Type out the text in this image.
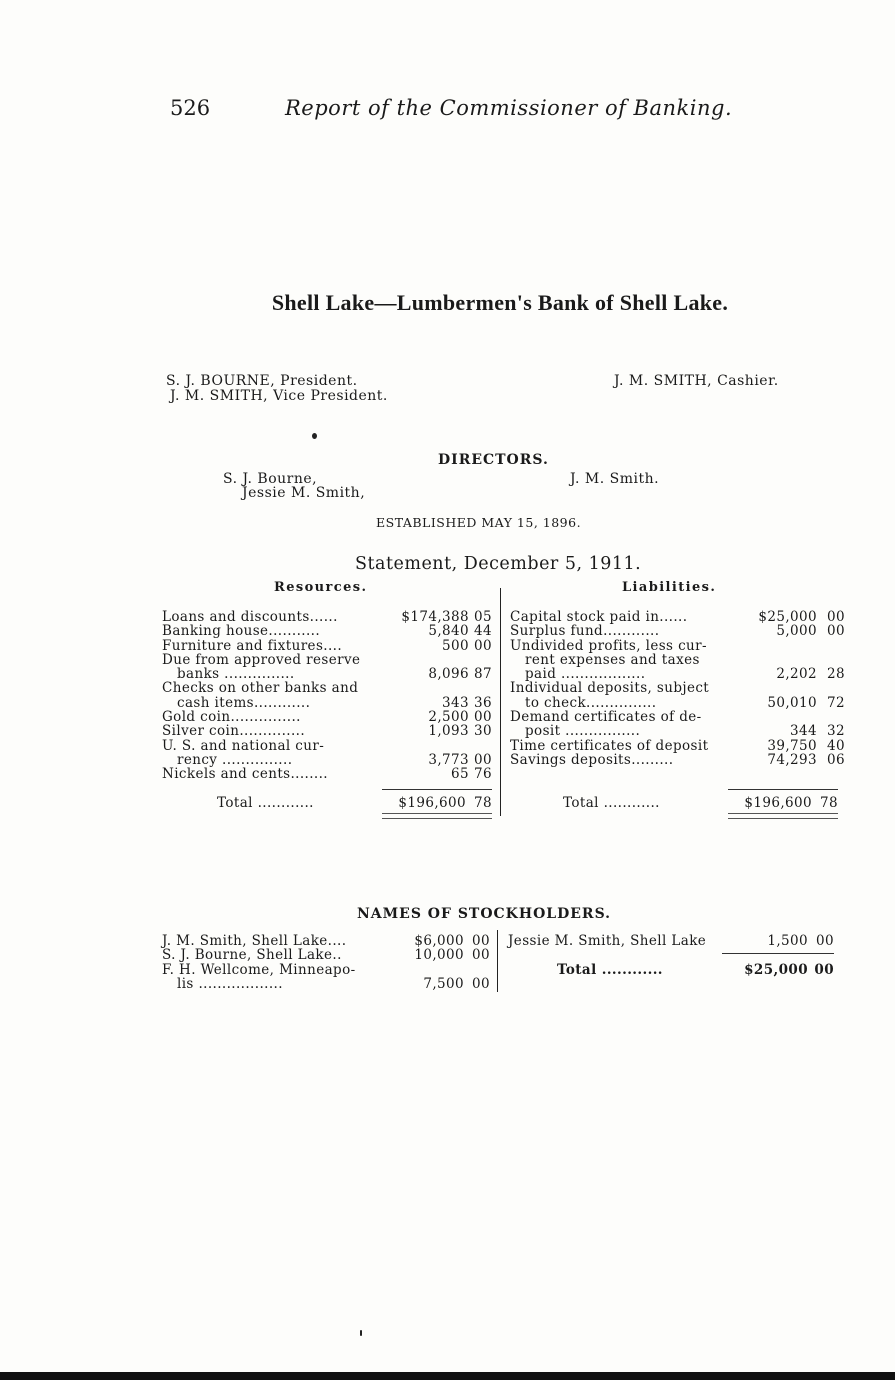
526	Report of the Commissioner of Banking.
Shell Lake—Lumbermen's Bank of Shell Lake.
S. J. BOURNE, President.
J. M. SMITH, Vice President.
J. M. SMITH, Cashier.
DIRECTORS.
S. J. Bourne,
Jessie M. Smith,
J. M. Smith.
ESTABLISHED MAY 15, 1896.
Statement, December 5, 1911.
Resources.	Liabilities.
Loans and discounts......	$174,388 05
Banking house...........	5,840 44
Furniture and fixtures....	500 00
Due from approved reserve
banks ...............	8,096 87
Checks on other banks and
cash items............	343 36
Gold coin...............	2,500 00
Silver coin..............	1,093 30
U. S. and national cur-
rency ...............	3,773 00
Nickels and cents........	65 76
Capital stock paid in......	$25,000 00
Surplus fund............	5,000 00
Undivided profits, less cur-
rent expenses and taxes
paid ..................	2,202 28
Individual deposits, subject
to check...............	50,010 72
Demand certificates of de-
posit ................	344 32
Time certificates of deposit	39,750 40
Savings deposits.........	74,293 06
Total ............	$196,600 78	Total ............	$196,600 78
NAMES OF STOCKHOLDERS.
J. M. Smith, Shell Lake....	$6,000 00
S. J. Bourne, Shell Lake..	10,000 00
F. H. Wellcome, Minneapo-
lis ..................	7,500 00
Jessie M. Smith, Shell Lake	1,500 00
Total ............	$25,000 00
